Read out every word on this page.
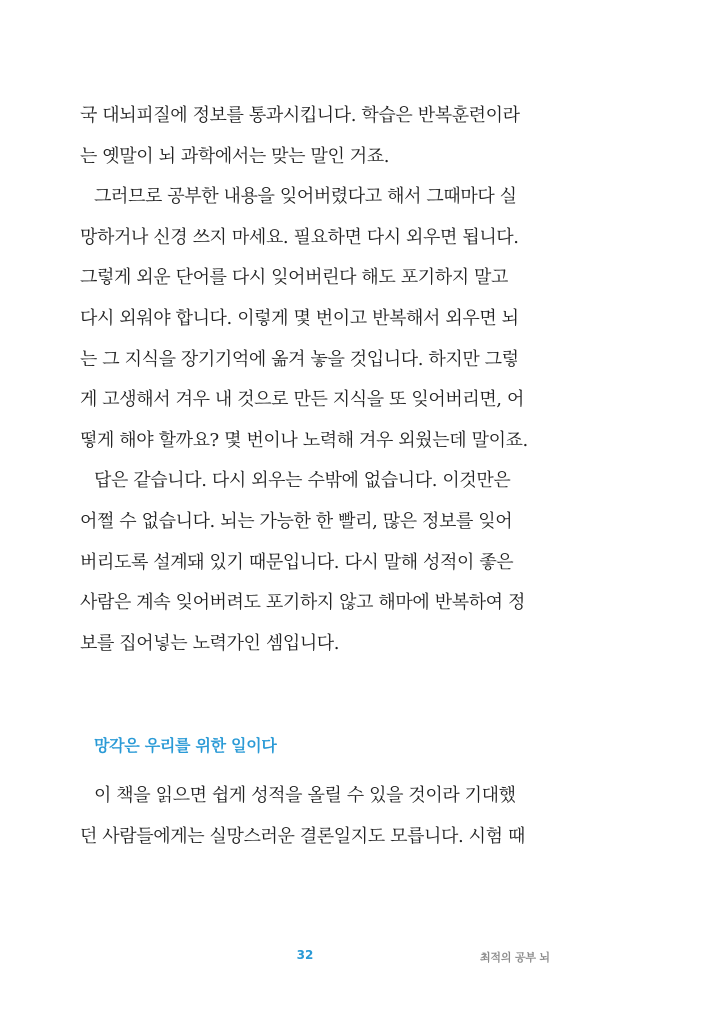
국 대뇌피질에 정보를 통과시킵니다. 학습은 반복훈련이라
는 옛말이 뇌 과학에서는 맞는 말인 거죠.
그러므로 공부한 내용을 잊어버렸다고 해서 그때마다 실
망하거나 신경 쓰지 마세요. 필요하면 다시 외우면 됩니다.
그렇게 외운 단어를 다시 잊어버린다 해도 포기하지 말고
다시 외워야 합니다. 이렇게 몇 번이고 반복해서 외우면 뇌
는 그 지식을 장기기억에 옮겨 놓을 것입니다. 하지만 그렇
게 고생해서 겨우 내 것으로 만든 지식을 또 잊어버리면, 어
떻게 해야 할까요? 몇 번이나 노력해 겨우 외웠는데 말이죠.
답은 같습니다. 다시 외우는 수밖에 없습니다. 이것만은
어쩔 수 없습니다. 뇌는 가능한 한 빨리, 많은 정보를 잊어
버리도록 설계돼 있기 때문입니다. 다시 말해 성적이 좋은
사람은 계속 잊어버려도 포기하지 않고 해마에 반복하여 정
보를 집어넣는 노력가인 셈입니다.
망각은 우리를 위한 일이다
이 책을 읽으면 쉽게 성적을 올릴 수 있을 것이라 기대했
던 사람들에게는 실망스러운 결론일지도 모릅니다. 시험 때
32	최적의 공부 뇌
